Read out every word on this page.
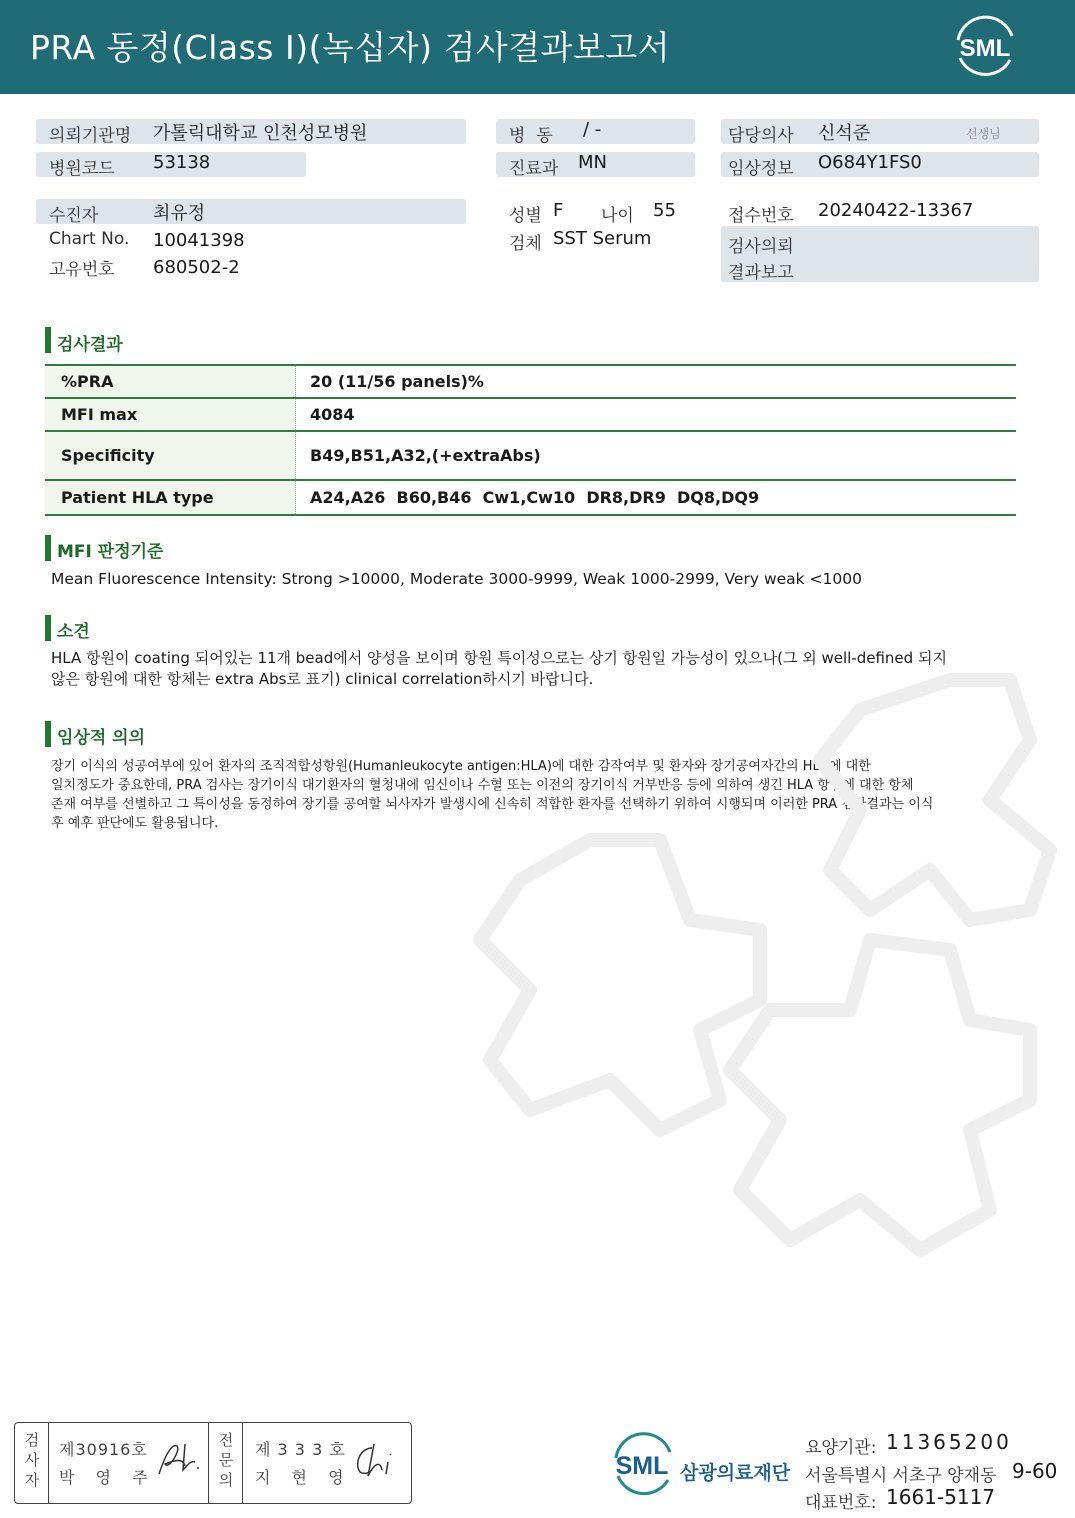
PRA 동정(Class I)(녹십자) 검사결과보고서	SML
의뢰기관명 가톨릭대학교 인천성모병원
병원코드 53138
수진자	최유정
Chart No. 10041398
고유번호 680502-2
병  동 / -
진료과 MN
성별 F 나이 55
검체 SST Serum
담당의사 신석준	선생님
임상정보 O684Y1FS0
접수번호 20240422-13367
검사의뢰
결과보고
검사결과
%PRA	20 (11/56 panels)%
MFI max	4084
Specificity	B49,B51,A32,(+extraAbs)
Patient HLA type	A24,A26  B60,B46  Cw1,Cw10  DR8,DR9  DQ8,DQ9
MFI 판정기준
Mean Fluorescence Intensity: Strong >10000, Moderate 3000-9999, Weak 1000-2999, Very weak <1000
소견
HLA 항원이 coating 되어있는 11개 bead에서 양성을 보이며 항원 특이성으로는 상기 항원일 가능성이 있으나(그 외 well-defined 되지
않은 항원에 대한 항체는 extra Abs로 표기) clinical correlation하시기 바랍니다.
임상적 의의
장기 이식의 성공여부에 있어 환자의 조직적합성항원(Humanleukocyte antigen:HLA)에 대한 감작여부 및 환자와 장기공여자간의 HLA에 대한
일치정도가 중요한데, PRA 검사는 장기이식 대기환자의 혈청내에 임신이나 수혈 또는 이전의 장기이식 거부반응 등에 의하여 생긴 HLA 항원에 대한 항체
존재 여부를 선별하고 그 특이성을 동정하여 장기를 공여할 뇌사자가 발생시에 신속히 적합한 환자를 선택하기 위하여 시행되며 이러한 PRA 검사결과는 이식
후 예후 판단에도 활용됩니다.
검
사
자
제30916호
박 영 주
전
문
의
제 3 3 3 호
지 현 영	SML 삼광의료재단
요양기관: 11365200
서울특별시 서초구 양재동 9-60
대표번호: 1661-5117
